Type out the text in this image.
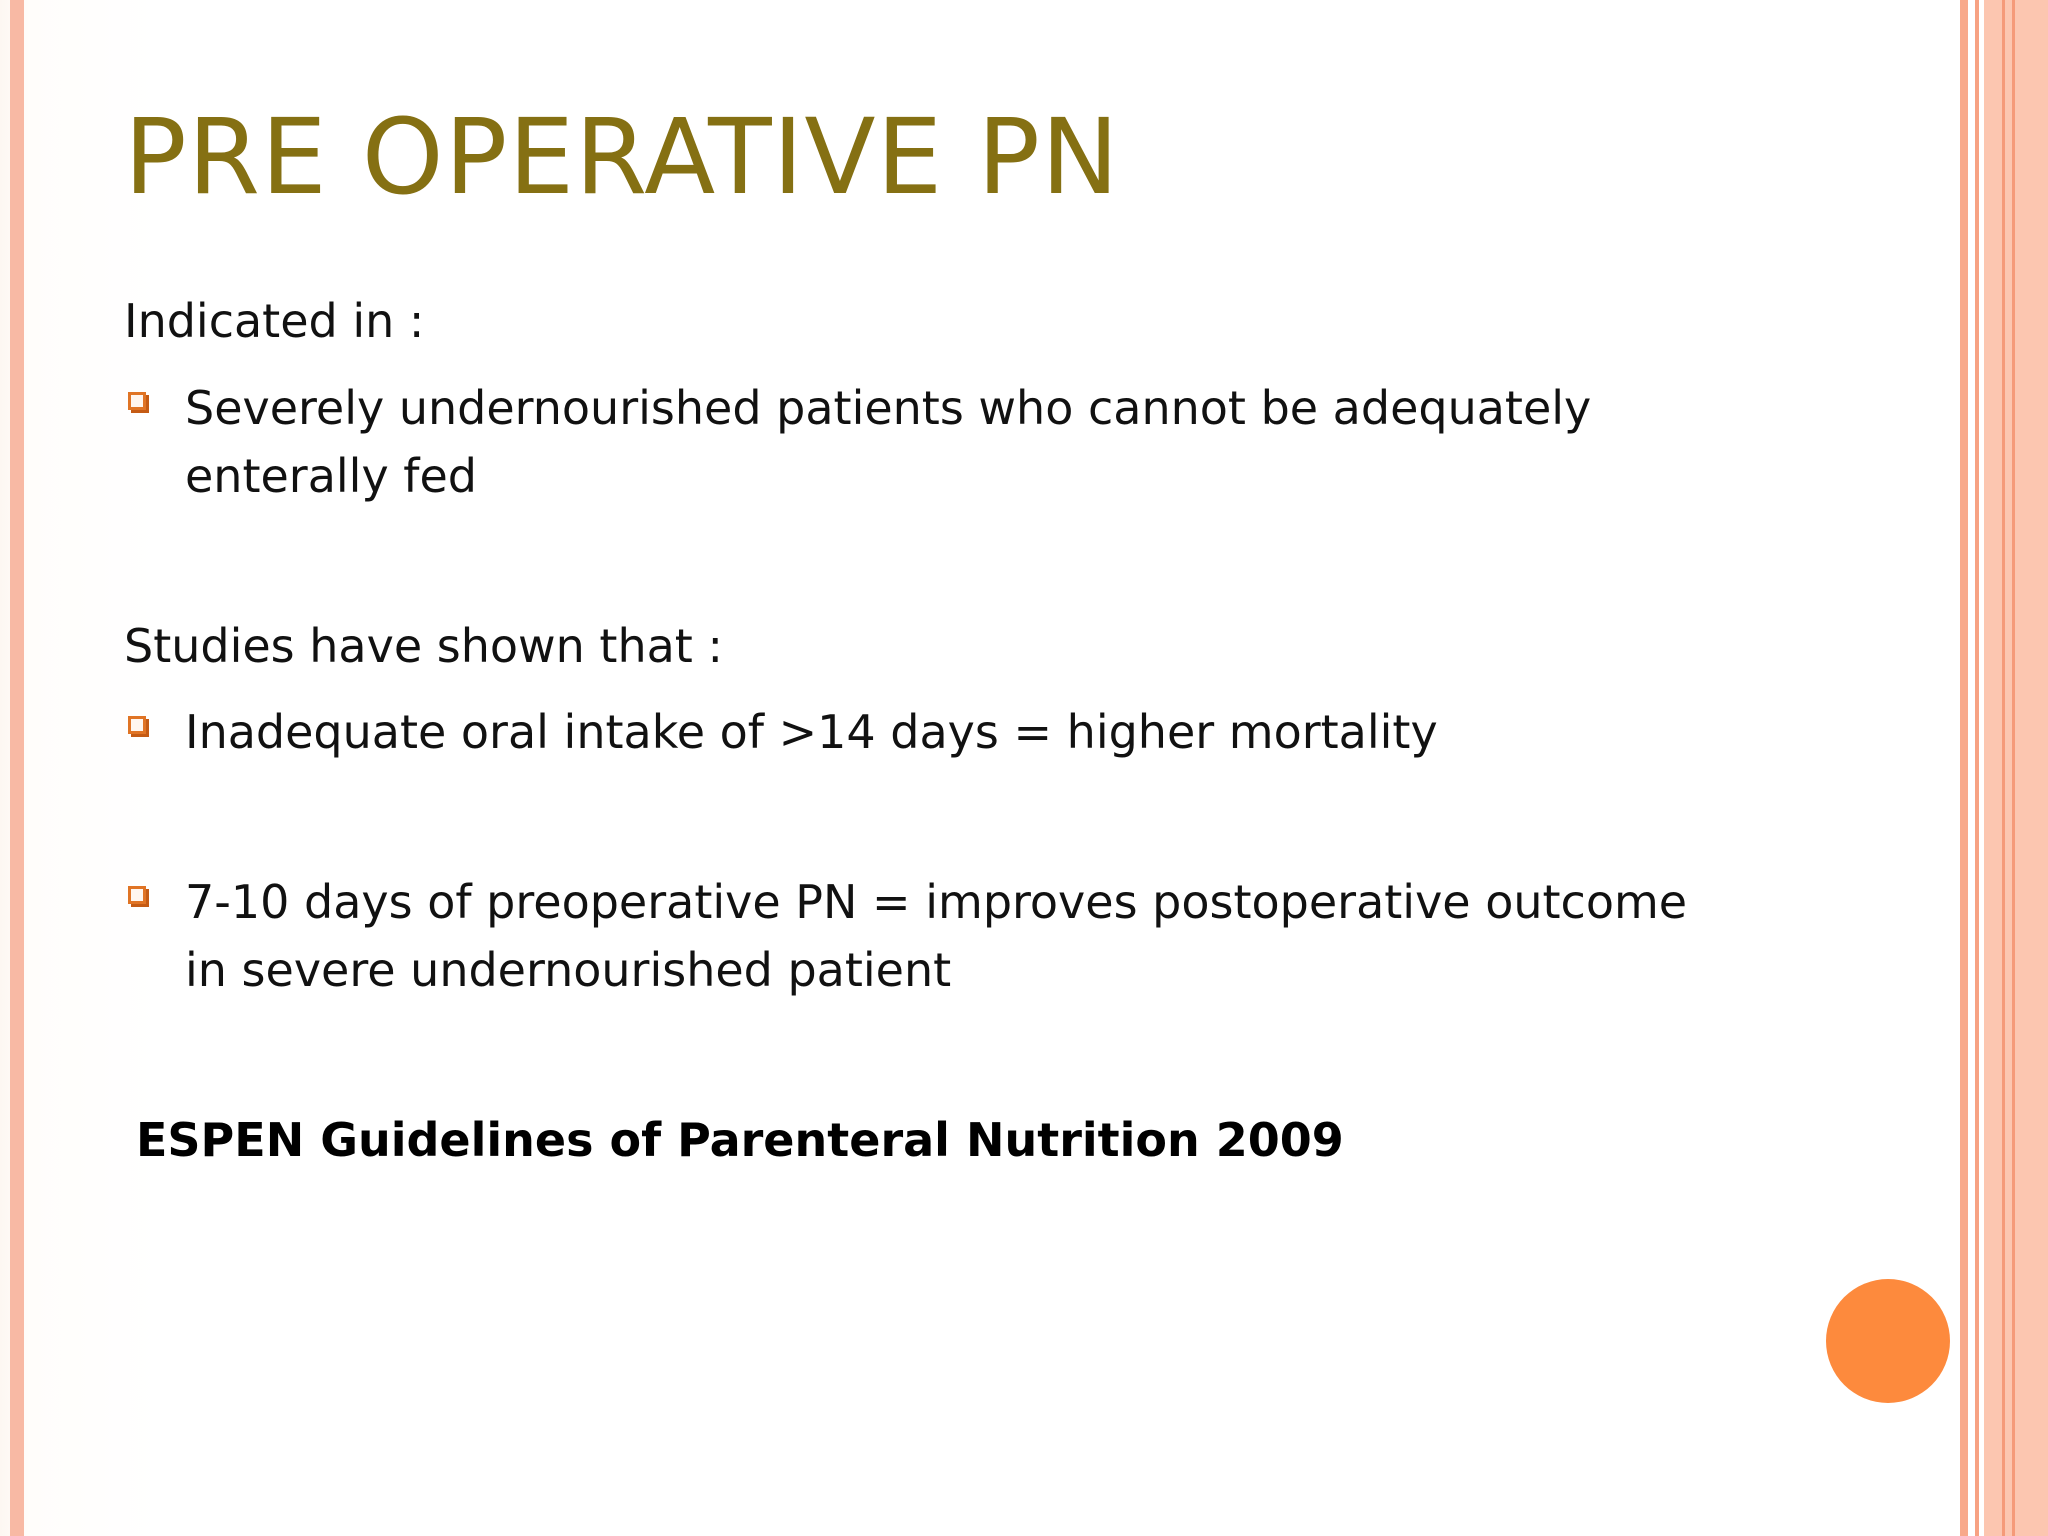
PRE OPERATIVE PN
Indicated in :
Severely undernourished patients who cannot be adequately
enterally fed
Studies have shown that :
Inadequate oral intake of >14 days = higher mortality
7-10 days of preoperative PN = improves postoperative outcome
in severe undernourished patient
ESPEN Guidelines of Parenteral Nutrition 2009
